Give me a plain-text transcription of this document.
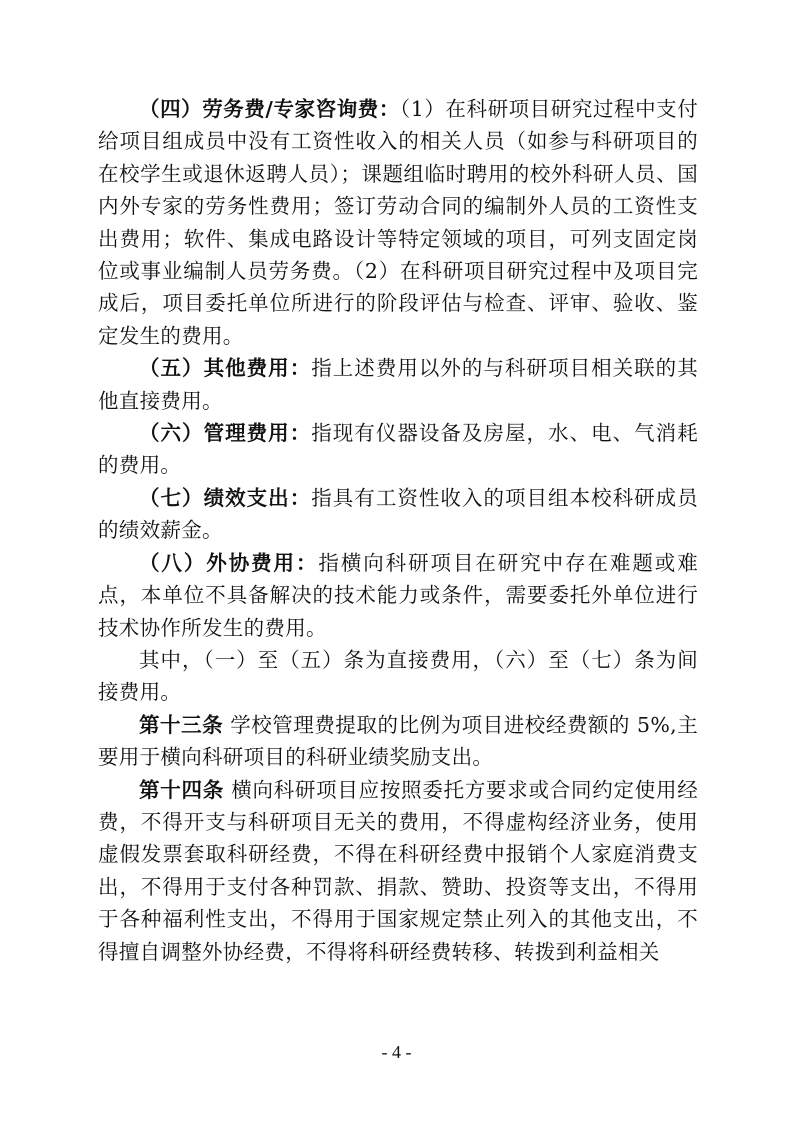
（四）劳务费/专家咨询费：（1）在科研项目研究过程中支付给项目组成员中没有工资性收入的相关人员（如参与科研项目的在校学生或退休返聘人员）；课题组临时聘用的校外科研人员、国内外专家的劳务性费用；签订劳动合同的编制外人员的工资性支出费用；软件、集成电路设计等特定领域的项目，可列支固定岗位或事业编制人员劳务费。（2）在科研项目研究过程中及项目完成后，项目委托单位所进行的阶段评估与检查、评审、验收、鉴定发生的费用。

（五）其他费用：指上述费用以外的与科研项目相关联的其他直接费用。

（六）管理费用：指现有仪器设备及房屋，水、电、气消耗的费用。

（七）绩效支出：指具有工资性收入的项目组本校科研成员的绩效薪金。

（八）外协费用：指横向科研项目在研究中存在难题或难点，本单位不具备解决的技术能力或条件，需要委托外单位进行技术协作所发生的费用。

其中，（一）至（五）条为直接费用，（六）至（七）条为间接费用。

第十三条 学校管理费提取的比例为项目进校经费额的 5%,主要用于横向科研项目的科研业绩奖励支出。

第十四条 横向科研项目应按照委托方要求或合同约定使用经费，不得开支与科研项目无关的费用，不得虚构经济业务，使用虚假发票套取科研经费，不得在科研经费中报销个人家庭消费支出，不得用于支付各种罚款、捐款、赞助、投资等支出，不得用于各种福利性支出，不得用于国家规定禁止列入的其他支出，不得擅自调整外协经费，不得将科研经费转移、转拨到利益相关

- 4 -
